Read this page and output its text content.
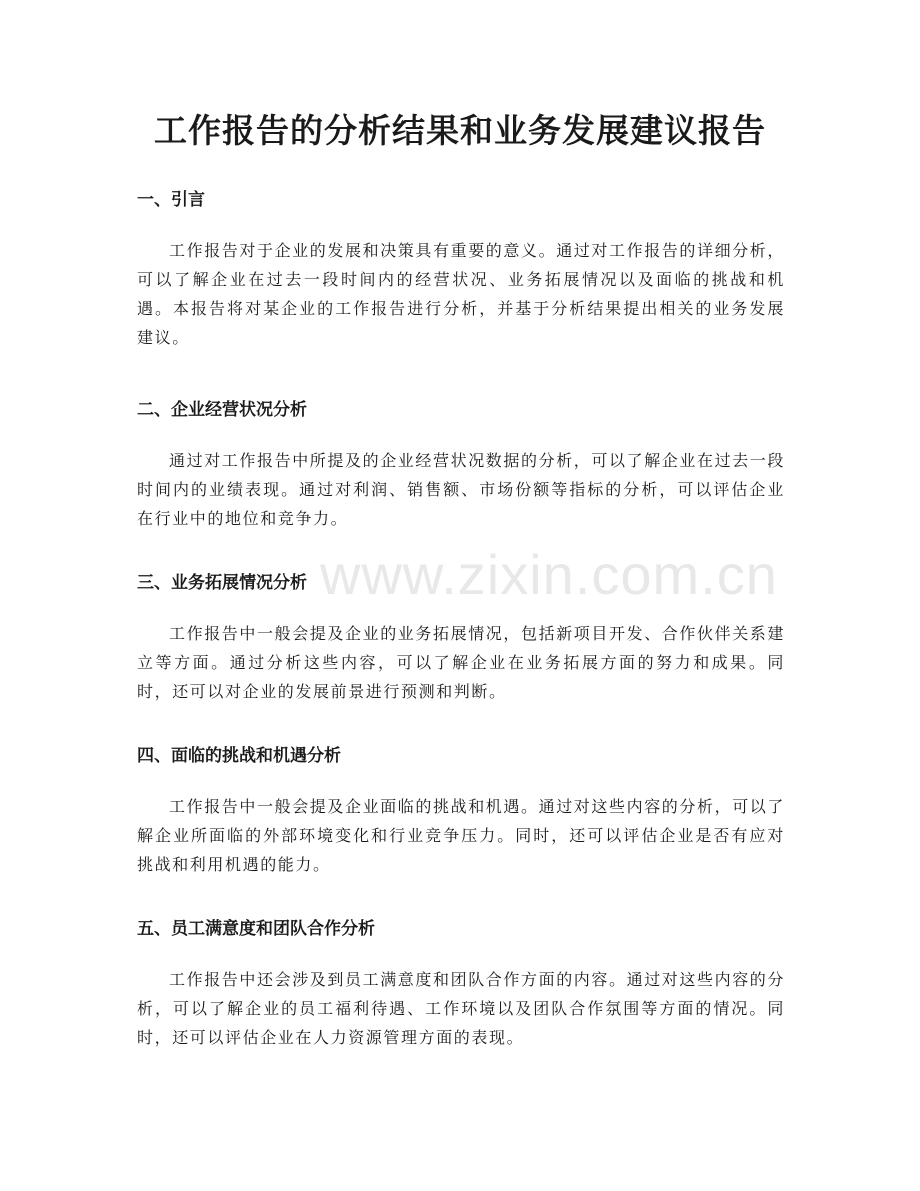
工作报告的分析结果和业务发展建议报告
一、引言

工作报告对于企业的发展和决策具有重要的意义。通过对工作报告的详细分析，可以了解企业在过去一段时间内的经营状况、业务拓展情况以及面临的挑战和机遇。本报告将对某企业的工作报告进行分析，并基于分析结果提出相关的业务发展建议。

二、企业经营状况分析

通过对工作报告中所提及的企业经营状况数据的分析，可以了解企业在过去一段时间内的业绩表现。通过对利润、销售额、市场份额等指标的分析，可以评估企业在行业中的地位和竞争力。

三、业务拓展情况分析

工作报告中一般会提及企业的业务拓展情况，包括新项目开发、合作伙伴关系建立等方面。通过分析这些内容，可以了解企业在业务拓展方面的努力和成果。同时，还可以对企业的发展前景进行预测和判断。

四、面临的挑战和机遇分析

工作报告中一般会提及企业面临的挑战和机遇。通过对这些内容的分析，可以了解企业所面临的外部环境变化和行业竞争压力。同时，还可以评估企业是否有应对挑战和利用机遇的能力。

五、员工满意度和团队合作分析

工作报告中还会涉及到员工满意度和团队合作方面的内容。通过对这些内容的分析，可以了解企业的员工福利待遇、工作环境以及团队合作氛围等方面的情况。同时，还可以评估企业在人力资源管理方面的表现。

www.zixin.com.cn
